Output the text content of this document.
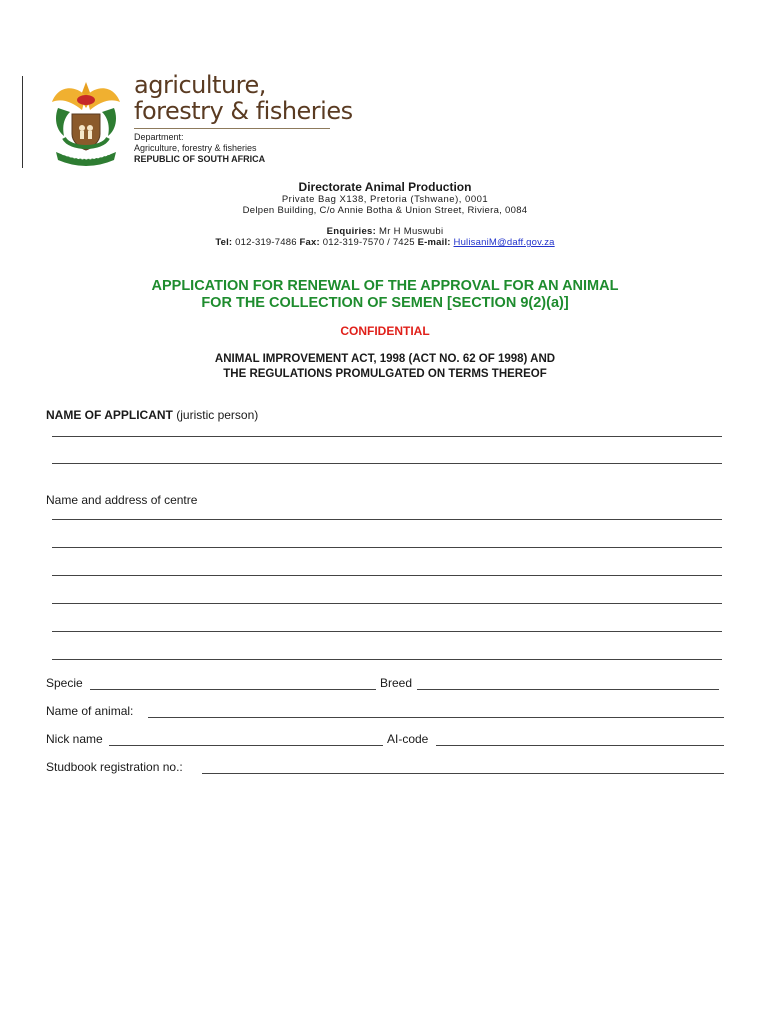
agriculture,
forestry & fisheries
Department:
Agriculture, forestry & fisheries
REPUBLIC OF SOUTH AFRICA
Directorate Animal Production
Private Bag X138, Pretoria (Tshwane), 0001
Delpen Building, C/o Annie Botha & Union Street, Riviera, 0084
Enquiries: Mr H Muswubi
Tel: 012-319-7486 Fax: 012-319-7570 / 7425 E-mail: HulisaniM@daff.gov.za
APPLICATION FOR RENEWAL OF THE APPROVAL FOR AN ANIMAL
FOR THE COLLECTION OF SEMEN [SECTION 9(2)(a)]
CONFIDENTIAL
ANIMAL IMPROVEMENT ACT, 1998 (ACT NO. 62 OF 1998) AND
THE REGULATIONS PROMULGATED ON TERMS THEREOF
NAME OF APPLICANT (juristic person)
Name and address of centre
Specie	Breed
Name of animal:
Nick name	AI-code
Studbook registration no.:
